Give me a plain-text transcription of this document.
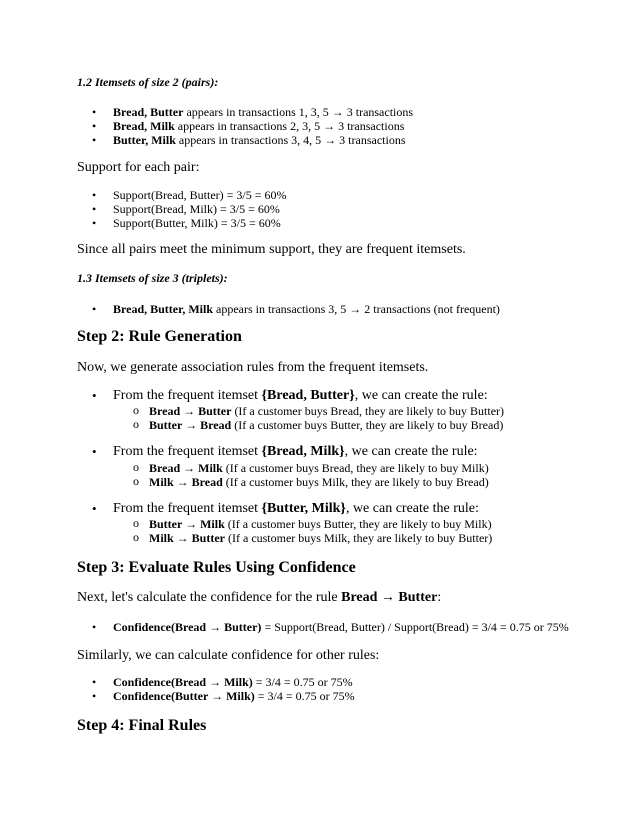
1.2 Itemsets of size 2 (pairs):
• Bread, Butter appears in transactions 1, 3, 5 → 3 transactions
• Bread, Milk appears in transactions 2, 3, 5 → 3 transactions
• Butter, Milk appears in transactions 3, 4, 5 → 3 transactions
Support for each pair:
• Support(Bread, Butter) = 3/5 = 60%
• Support(Bread, Milk) = 3/5 = 60%
• Support(Butter, Milk) = 3/5 = 60%
Since all pairs meet the minimum support, they are frequent itemsets.
1.3 Itemsets of size 3 (triplets):
• Bread, Butter, Milk appears in transactions 3, 5 → 2 transactions (not frequent)
Step 2: Rule Generation
Now, we generate association rules from the frequent itemsets.
• From the frequent itemset {Bread, Butter}, we can create the rule:
o Bread → Butter (If a customer buys Bread, they are likely to buy Butter)
o Butter → Bread (If a customer buys Butter, they are likely to buy Bread)
• From the frequent itemset {Bread, Milk}, we can create the rule:
o Bread → Milk (If a customer buys Bread, they are likely to buy Milk)
o Milk → Bread (If a customer buys Milk, they are likely to buy Bread)
• From the frequent itemset {Butter, Milk}, we can create the rule:
o Butter → Milk (If a customer buys Butter, they are likely to buy Milk)
o Milk → Butter (If a customer buys Milk, they are likely to buy Butter)
Step 3: Evaluate Rules Using Confidence
Next, let's calculate the confidence for the rule Bread → Butter:
• Confidence(Bread → Butter) = Support(Bread, Butter) / Support(Bread) = 3/4 = 0.75 or 75%
Similarly, we can calculate confidence for other rules:
• Confidence(Bread → Milk) = 3/4 = 0.75 or 75%
• Confidence(Butter → Milk) = 3/4 = 0.75 or 75%
Step 4: Final Rules
